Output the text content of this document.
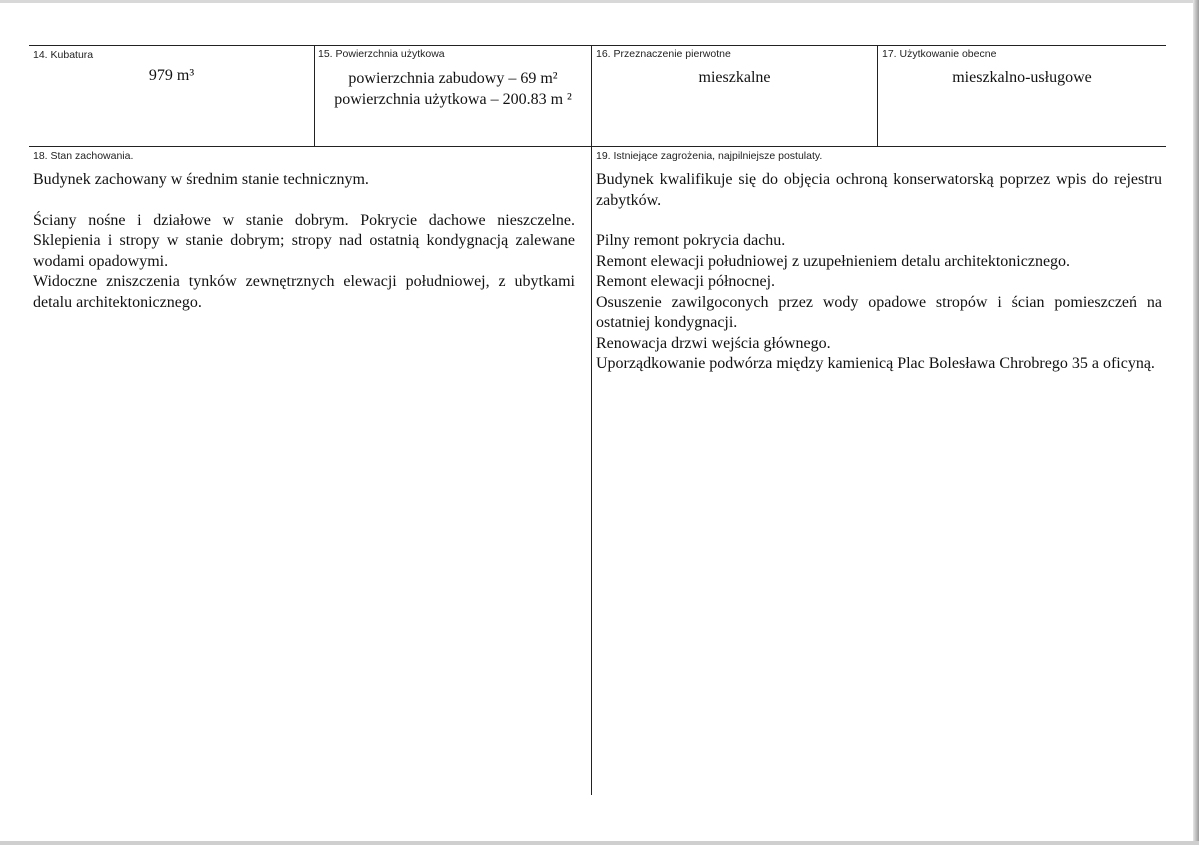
14. Kubatura
979 m³
15. Powierzchnia użytkowa
powierzchnia zabudowy – 69 m²
powierzchnia użytkowa – 200.83 m ²
16. Przeznaczenie pierwotne
mieszkalne
17. Użytkowanie obecne
mieszkalno-usługowe
18. Stan zachowania.

Budynek zachowany w średnim stanie technicznym.

Ściany nośne i działowe w stanie dobrym. Pokrycie dachowe nieszczelne. Sklepienia i stropy w stanie dobrym; stropy nad ostatnią kondygnacją zalewane wodami opadowymi.

Widoczne zniszczenia tynków zewnętrznych elewacji południowej, z ubytkami detalu architektonicznego.

19. Istniejące zagrożenia, najpilniejsze postulaty.

Budynek kwalifikuje się do objęcia ochroną konserwatorską poprzez wpis do rejestru zabytków.

Pilny remont pokrycia dachu.

Remont elewacji południowej z uzupełnieniem detalu architektonicznego.

Remont elewacji północnej.

Osuszenie zawilgoconych przez wody opadowe stropów i ścian pomieszczeń na ostatniej kondygnacji.

Renowacja drzwi wejścia głównego.

Uporządkowanie podwórza między kamienicą Plac Bolesława Chrobrego 35 a oficyną.
